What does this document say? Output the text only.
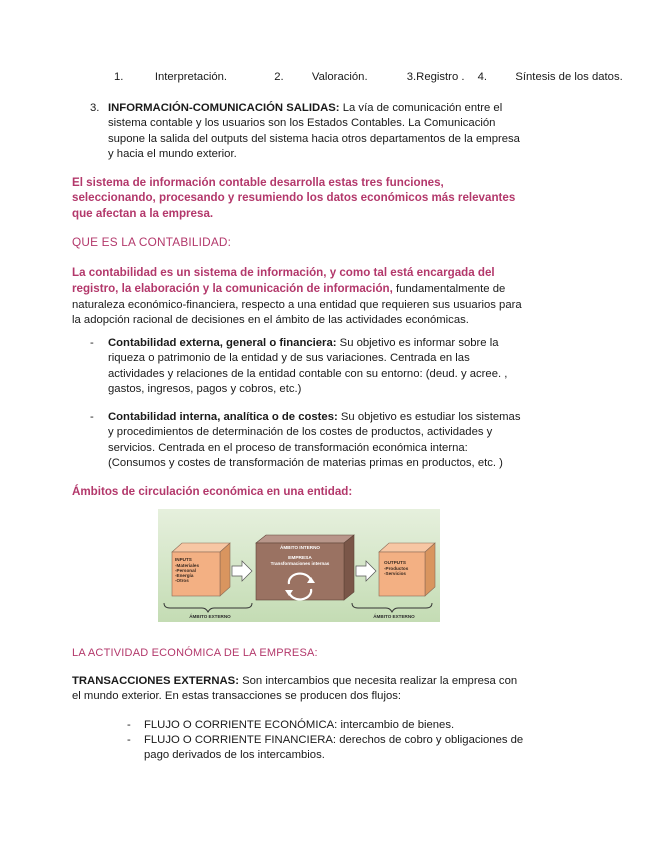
1.	Interpretación.	2.	Valoración.	3.Registro . 4.	Síntesis de los datos.
3. INFORMACIÓN-COMUNICACIÓN SALIDAS: La vía de comunicación entre el sistema contable y los usuarios son los Estados Contables. La Comunicación supone la salida del outputs del sistema hacia otros departamentos de la empresa y hacia el mundo exterior.
El sistema de información contable desarrolla estas tres funciones, seleccionando, procesando y resumiendo los datos económicos más relevantes que afectan a la empresa.
QUE ES LA CONTABILIDAD:
La contabilidad es un sistema de información, y como tal está encargada del registro, la elaboración y la comunicación de información, fundamentalmente de naturaleza económico-financiera, respecto a una entidad que requieren sus usuarios para la adopción racional de decisiones en el ámbito de las actividades económicas.
- Contabilidad externa, general o financiera: Su objetivo es informar sobre la riqueza o patrimonio de la entidad y de sus variaciones. Centrada en las actividades y relaciones de la entidad contable con su entorno: (deud. y acree. , gastos, ingresos, pagos y cobros, etc.)
- Contabilidad interna, analítica o de costes: Su objetivo es estudiar los sistemas y procedimientos de determinación de los costes de productos, actividades y servicios. Centrada en el proceso de transformación económica interna: (Consumos y costes de transformación de materias primas en productos, etc. )
Ámbitos de circulación económica en una entidad:
INPUTS
-Materiales
-Personal
-Energía
-Otros
ÁMBITO INTERNO
EMPRESA
Transformaciones internas	OUTPUTS
-Productos
-Servicios
ÁMBITO EXTERNO	ÁMBITO EXTERNO
LA ACTIVIDAD ECONÓMICA DE LA EMPRESA:
TRANSACCIONES EXTERNAS: Son intercambios que necesita realizar la empresa con el mundo exterior. En estas transacciones se producen dos flujos:
- FLUJO O CORRIENTE ECONÓMICA: intercambio de bienes.
- FLUJO O CORRIENTE FINANCIERA: derechos de cobro y obligaciones de pago derivados de los intercambios.
